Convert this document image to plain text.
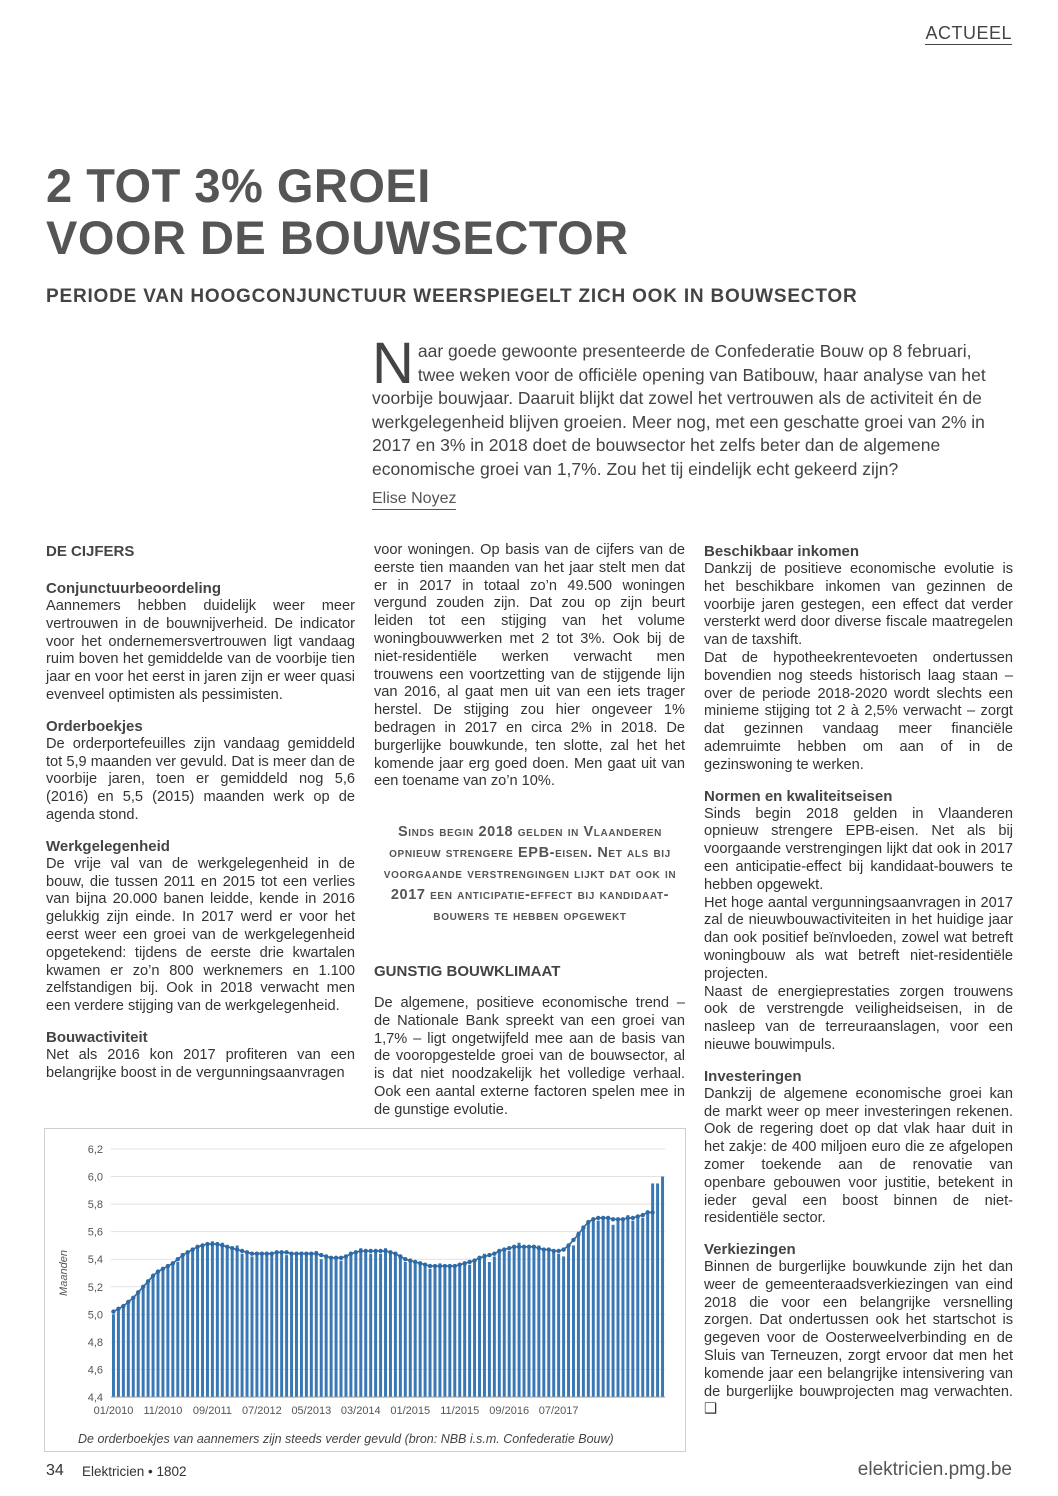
ACTUEEL
2 TOT 3% GROEI
VOOR DE BOUWSECTOR
PERIODE VAN HOOGCONJUNCTUUR WEERSPIEGELT ZICH OOK IN BOUWSECTOR

Naar goede gewoonte presenteerde de Confederatie Bouw op 8 februari, twee weken voor de officiële opening van Batibouw, haar analyse van het voorbije bouwjaar. Daaruit blijkt dat zowel het vertrouwen als de activiteit én de werkgelegenheid blijven groeien. Meer nog, met een geschatte groei van 2% in 2017 en 3% in 2018 doet de bouwsector het zelfs beter dan de algemene economische groei van 1,7%. Zou het tij eindelijk echt gekeerd zijn?

Elise Noyez
DE CIJFERS
Conjunctuurbeoordeling

Aannemers hebben duidelijk weer meer vertrouwen in de bouwnijverheid. De indicator voor het ondernemersvertrouwen ligt vandaag ruim boven het gemiddelde van de voorbije tien jaar en voor het eerst in jaren zijn er weer quasi evenveel optimisten als pessimisten.

Orderboekjes

De orderportefeuilles zijn vandaag gemiddeld tot 5,9 maanden ver gevuld. Dat is meer dan de voorbije jaren, toen er gemiddeld nog 5,6 (2016) en 5,5 (2015) maanden werk op de agenda stond.

Werkgelegenheid

De vrije val van de werkgelegenheid in de bouw, die tussen 2011 en 2015 tot een verlies van bijna 20.000 banen leidde, kende in 2016 gelukkig zijn einde. In 2017 werd er voor het eerst weer een groei van de werkgelegenheid opgetekend: tijdens de eerste drie kwartalen kwamen er zo’n 800 werknemers en 1.100 zelfstandigen bij. Ook in 2018 verwacht men een verdere stijging van de werkgelegenheid.

Bouwactiviteit

Net als 2016 kon 2017 profiteren van een belangrijke boost in de vergunningsaanvragen

voor woningen. Op basis van de cijfers van de eerste tien maanden van het jaar stelt men dat er in 2017 in totaal zo’n 49.500 woningen vergund zouden zijn. Dat zou op zijn beurt leiden tot een stijging van het volume woningbouwwerken met 2 tot 3%. Ook bij de niet-residentiële werken verwacht men trouwens een voortzetting van de stijgende lijn van 2016, al gaat men uit van een iets trager herstel. De stijging zou hier ongeveer 1% bedragen in 2017 en circa 2% in 2018. De burgerlijke bouwkunde, ten slotte, zal het het komende jaar erg goed doen. Men gaat uit van een toename van zo’n 10%.

Sinds begin 2018 gelden in Vlaanderen opnieuw strengere EPB-eisen. Net als bij voorgaande verstrengingen lijkt dat ook in 2017 een anticipatie-effect bij kandidaat-bouwers te hebben opgewekt

GUNSTIG BOUWKLIMAAT

De algemene, positieve economische trend – de Nationale Bank spreekt van een groei van 1,7% – ligt ongetwijfeld mee aan de basis van de vooropgestelde groei van de bouwsector, al is dat niet noodzakelijk het volledige verhaal. Ook een aantal externe factoren spelen mee in de gunstige evolutie.

Beschikbaar inkomen

Dankzij de positieve economische evolutie is het beschikbare inkomen van gezinnen de voorbije jaren gestegen, een effect dat verder versterkt werd door diverse fiscale maatregelen van de taxshift.

Dat de hypotheekrentevoeten ondertussen bovendien nog steeds historisch laag staan – over de periode 2018-2020 wordt slechts een minieme stijging tot 2 à 2,5% verwacht – zorgt dat gezinnen vandaag meer financiële ademruimte hebben om aan of in de gezinswoning te werken.

Normen en kwaliteitseisen

Sinds begin 2018 gelden in Vlaanderen opnieuw strengere EPB-eisen. Net als bij voorgaande verstrengingen lijkt dat ook in 2017 een anticipatie-effect bij kandidaat-bouwers te hebben opgewekt.

Het hoge aantal vergunningsaanvragen in 2017 zal de nieuwbouwactiviteiten in het huidige jaar dan ook positief beïnvloeden, zowel wat betreft woningbouw als wat betreft niet-residentiële projecten.

Naast de energieprestaties zorgen trouwens ook de verstrengde veiligheidseisen, in de nasleep van de terreuraanslagen, voor een nieuwe bouwimpuls.

Investeringen

Dankzij de algemene economische groei kan de markt weer op meer investeringen rekenen. Ook de regering doet op dat vlak haar duit in het zakje: de 400 miljoen euro die ze afgelopen zomer toekende aan de renovatie van openbare gebouwen voor justitie, betekent in ieder geval een boost binnen de niet-residentiële sector.

Verkiezingen

Binnen de burgerlijke bouwkunde zijn het dan weer de gemeenteraadsverkiezingen van eind 2018 die voor een belangrijke versnelling zorgen. Dat ondertussen ook het startschot is gegeven voor de Oosterweelverbinding en de Sluis van Terneuzen, zorgt ervoor dat men het komende jaar een belangrijke intensivering van de burgerlijke bouwprojecten mag verwachten. ❑

6,2
6,0
5,8
5,6
5,4
5,2
5,0
4,8
4,6
4,4
Maanden
01/2010 11/2010 09/2011 07/2012 05/2013 03/2014 01/2015 11/2015 09/2016 07/2017
De orderboekjes van aannemers zijn steeds verder gevuld (bron: NBB i.s.m. Confederatie Bouw)
34 Elektricien • 1802	elektricien.pmg.be
